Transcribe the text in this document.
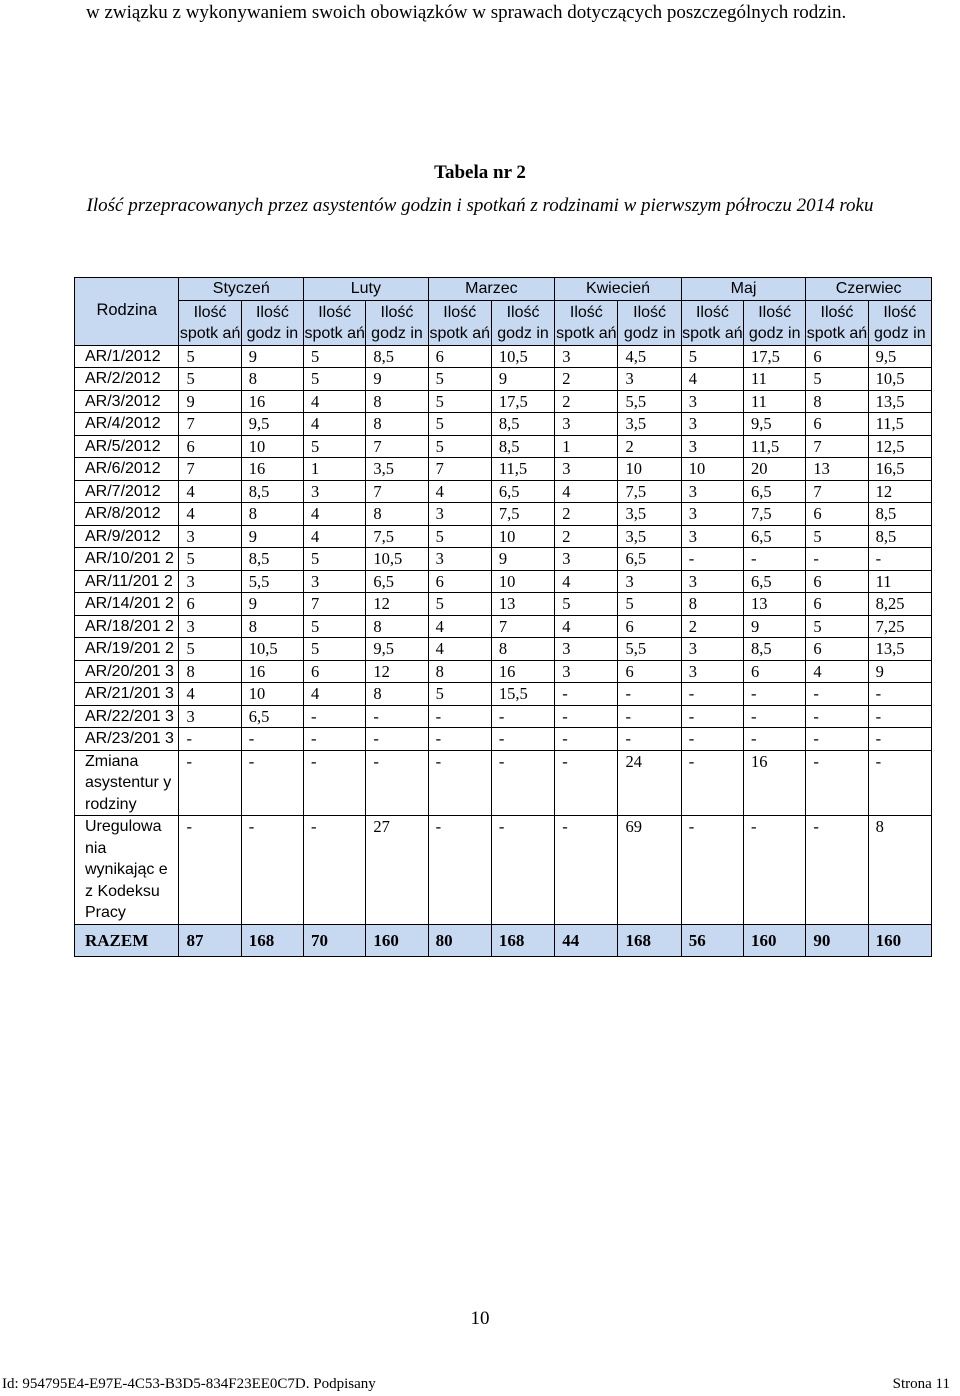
w związku z wykonywaniem swoich obowiązków w sprawach dotyczących poszczególnych rodzin.

Tabela nr 2

Ilość przepracowanych przez asystentów godzin i spotkań z rodzinami w pierwszym półroczu 2014 roku

Rodzina	Styczeń		Luty		Marzec		Kwiecień		Maj		Czerwiec	
	Ilość spotk ań	Ilość godz in	Ilość spotk ań	Ilość godz in	Ilość spotk ań	Ilość godz in	Ilość spotk ań	Ilość godz in	Ilość spotk ań	Ilość godz in	Ilość spotk ań	Ilość godz in
AR/1/2012	5	9	5	8,5	6	10,5	3	4,5	5	17,5	6	9,5
AR/2/2012	5	8	5	9	5	9	2	3	4	11	5	10,5
AR/3/2012	9	16	4	8	5	17,5	2	5,5	3	11	8	13,5
AR/4/2012	7	9,5	4	8	5	8,5	3	3,5	3	9,5	6	11,5
AR/5/2012	6	10	5	7	5	8,5	1	2	3	11,5	7	12,5
AR/6/2012	7	16	1	3,5	7	11,5	3	10	10	20	13	16,5
AR/7/2012	4	8,5	3	7	4	6,5	4	7,5	3	6,5	7	12
AR/8/2012	4	8	4	8	3	7,5	2	3,5	3	7,5	6	8,5
AR/9/2012	3	9	4	7,5	5	10	2	3,5	3	6,5	5	8,5
AR/10/201 2	5	8,5	5	10,5	3	9	3	6,5	-	-	-	-
AR/11/201 2	3	5,5	3	6,5	6	10	4	3	3	6,5	6	11
AR/14/201 2	6	9	7	12	5	13	5	5	8	13	6	8,25
AR/18/201 2	3	8	5	8	4	7	4	6	2	9	5	7,25
AR/19/201 2	5	10,5	5	9,5	4	8	3	5,5	3	8,5	6	13,5
AR/20/201 3	8	16	6	12	8	16	3	6	3	6	4	9
AR/21/201 3	4	10	4	8	5	15,5	-	-	-	-	-	-
AR/22/201 3	3	6,5	-	-	-	-	-	-	-	-	-	-
AR/23/201 3	-	-	-	-	-	-	-	-	-	-	-	-
Zmiana asystentur y rodziny	-	-	-	-	-	-	-	24	-	16	-	-
Uregulowa nia wynikając e z Kodeksu Pracy	-	-	-	27	-	-	-	69	-	-	-	8
RAZEM	87	168	70	160	80	168	44	168	56	160	90	160
10
Id: 954795E4-E97E-4C53-B3D5-834F23EE0C7D. Podpisany	Strona 11
